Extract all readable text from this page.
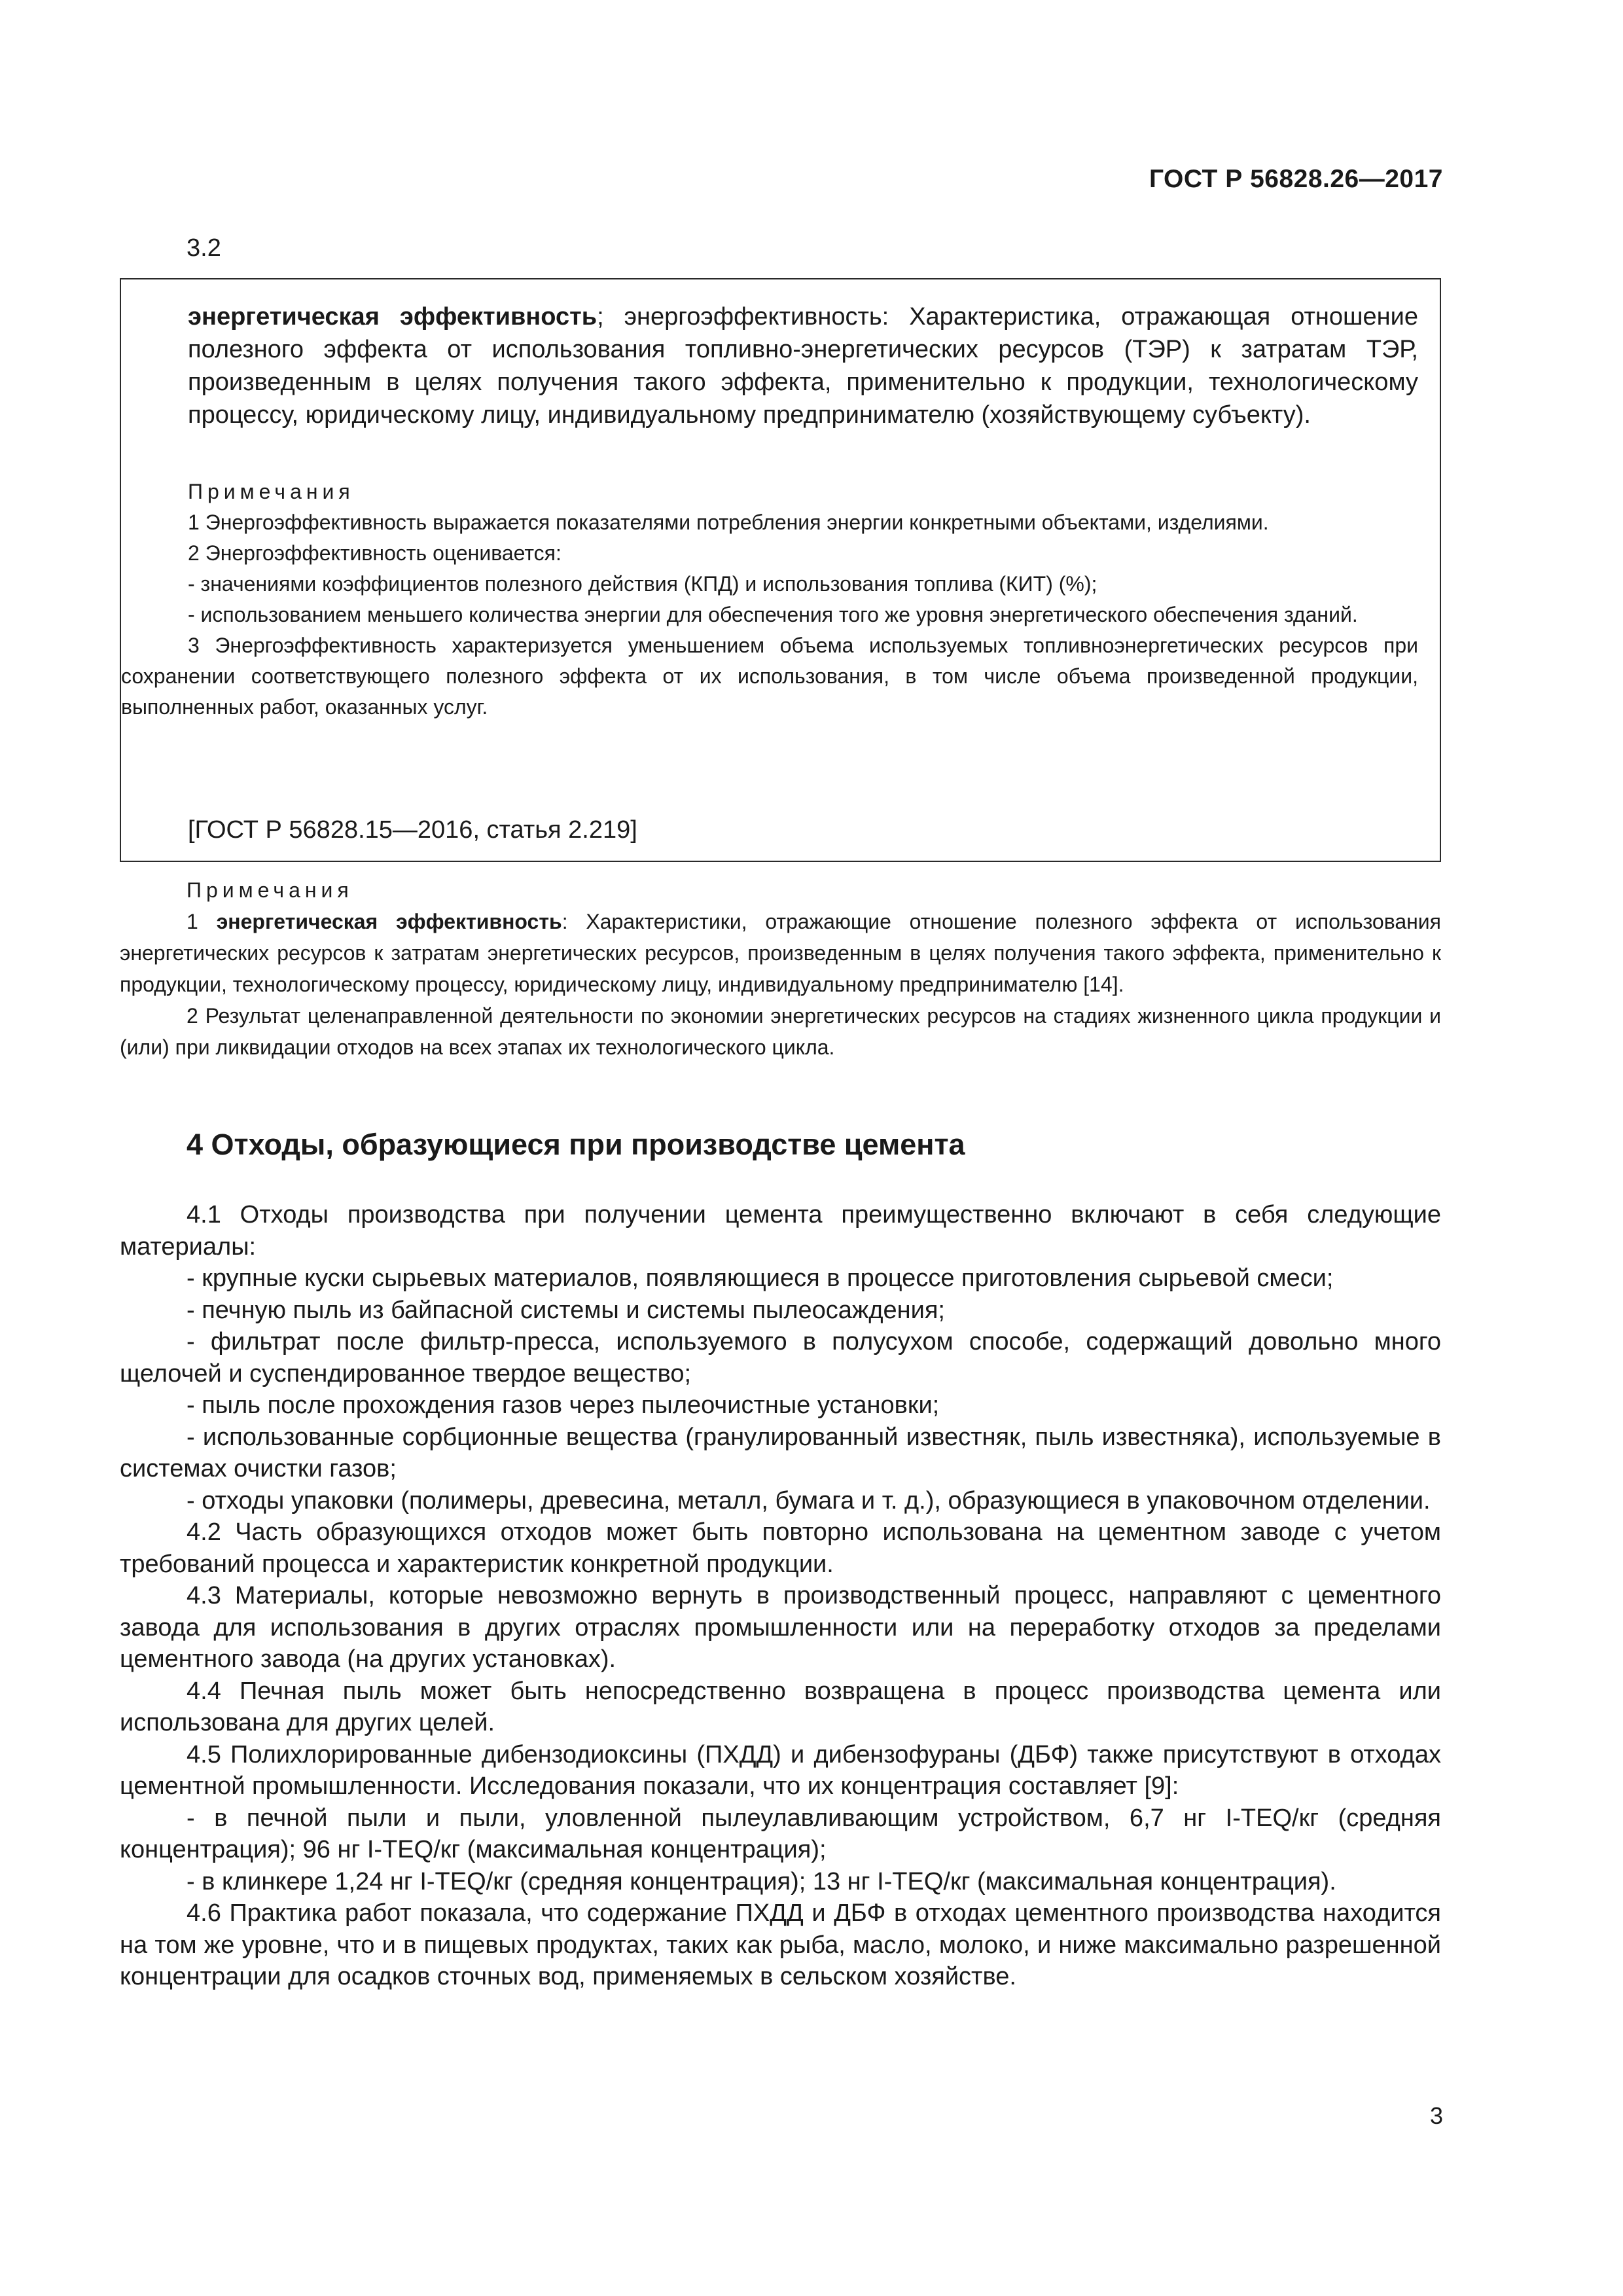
ГОСТ Р 56828.26—2017
3.2
энергетическая эффективность; энергоэффективность: Характеристика, отражающая отношение полезного эффекта от использования топливно-энергетических ресурсов (ТЭР) к затратам ТЭР, произведенным в целях получения такого эффекта, применительно к продукции, технологическому процессу, юридическому лицу, индивидуальному предпринимателю (хозяйствующему субъекту).
Примечания
1 Энергоэффективность выражается показателями потребления энергии конкретными объектами, изделиями.
2 Энергоэффективность оценивается:
- значениями коэффициентов полезного действия (КПД) и использования топлива (КИТ) (%);
- использованием меньшего количества энергии для обеспечения того же уровня энергетического обеспечения зданий.
3 Энергоэффективность характеризуется уменьшением объема используемых топливноэнергетических ресурсов при сохранении соответствующего полезного эффекта от их использования, в том числе объема произведенной продукции, выполненных работ, оказанных услуг.
[ГОСТ Р 56828.15—2016, статья 2.219]
Примечания
1 энергетическая эффективность: Характеристики, отражающие отношение полезного эффекта от использования энергетических ресурсов к затратам энергетических ресурсов, произведенным в целях получения такого эффекта, применительно к продукции, технологическому процессу, юридическому лицу, индивидуальному предпринимателю [14].
2 Результат целенаправленной деятельности по экономии энергетических ресурсов на стадиях жизненного цикла продукции и (или) при ликвидации отходов на всех этапах их технологического цикла.
4 Отходы, образующиеся при производстве цемента

4.1 Отходы производства при получении цемента преимущественно включают в себя следующие материалы:

- крупные куски сырьевых материалов, появляющиеся в процессе приготовления сырьевой смеси;

- печную пыль из байпасной системы и системы пылеосаждения;

- фильтрат после фильтр-пресса, используемого в полусухом способе, содержащий довольно много щелочей и суспендированное твердое вещество;

- пыль после прохождения газов через пылеочистные установки;

- использованные сорбционные вещества (гранулированный известняк, пыль известняка), используемые в системах очистки газов;

- отходы упаковки (полимеры, древесина, металл, бумага и т. д.), образующиеся в упаковочном отделении.

4.2 Часть образующихся отходов может быть повторно использована на цементном заводе с учетом требований процесса и характеристик конкретной продукции.

4.3 Материалы, которые невозможно вернуть в производственный процесс, направляют с цементного завода для использования в других отраслях промышленности или на переработку отходов за пределами цементного завода (на других установках).

4.4 Печная пыль может быть непосредственно возвращена в процесс производства цемента или использована для других целей.

4.5 Полихлорированные дибензодиоксины (ПХДД) и дибензофураны (ДБФ) также присутствуют в отходах цементной промышленности. Исследования показали, что их концентрация составляет [9]:

- в печной пыли и пыли, уловленной пылеулавливающим устройством, 6,7 нг I-TEQ/кг (средняя концентрация); 96 нг I-TEQ/кг (максимальная концентрация);

- в клинкере 1,24 нг I-TEQ/кг (средняя концентрация); 13 нг I-TEQ/кг (максимальная концентрация).

4.6 Практика работ показала, что содержание ПХДД и ДБФ в отходах цементного производства находится на том же уровне, что и в пищевых продуктах, таких как рыба, масло, молоко, и ниже максимально разрешенной концентрации для осадков сточных вод, применяемых в сельском хозяйстве.

3
